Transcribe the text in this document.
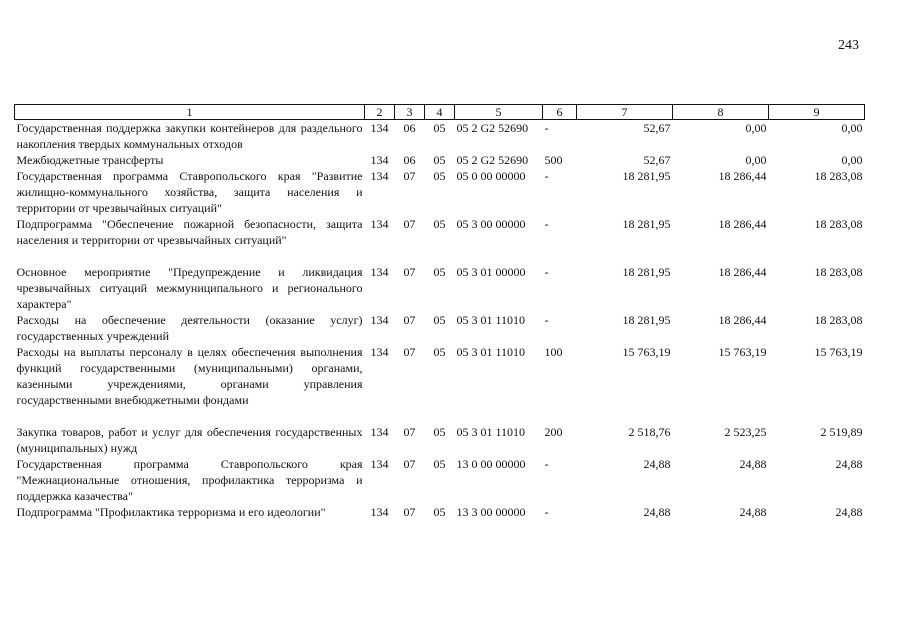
243
1	2	3	4	5	6	7	8	9
Государственная поддержка закупки контейнеров для раздельного накопления твердых коммунальных отходов	134	06	05	05 2 G2 52690	-	52,67	0,00	0,00
Межбюджетные трансферты	134	06	05	05 2 G2 52690	500	52,67	0,00	0,00
Государственная программа Ставропольского края "Развитие жилищно-коммунального хозяйства, защита населения и территории от чрезвычайных ситуаций"	134	07	05	05 0 00 00000	-	18 281,95	18 286,44	18 283,08
Подпрограмма "Обеспечение пожарной безопасности, защита населения и территории от чрезвычайных ситуаций"	134	07	05	05 3 00 00000	-	18 281,95	18 286,44	18 283,08
Основное мероприятие "Предупреждение и ликвидация чрезвычайных ситуаций межмуниципального и регионального характера"	134	07	05	05 3 01 00000	-	18 281,95	18 286,44	18 283,08
Расходы на обеспечение деятельности (оказание услуг) государственных учреждений	134	07	05	05 3 01 11010	-	18 281,95	18 286,44	18 283,08
Расходы на выплаты персоналу в целях обеспечения выполнения функций государственными (муниципальными) органами, казенными учреждениями, органами управления государственными внебюджетными фондами	134	07	05	05 3 01 11010	100	15 763,19	15 763,19	15 763,19
Закупка товаров, работ и услуг для обеспечения государственных (муниципальных) нужд	134	07	05	05 3 01 11010	200	2 518,76	2 523,25	2 519,89
Государственная программа Ставропольского края "Межнациональные отношения, профилактика терроризма и поддержка казачества"	134	07	05	13 0 00 00000	-	24,88	24,88	24,88
Подпрограмма "Профилактика терроризма и его идеологии"	134	07	05	13 3 00 00000	-	24,88	24,88	24,88
